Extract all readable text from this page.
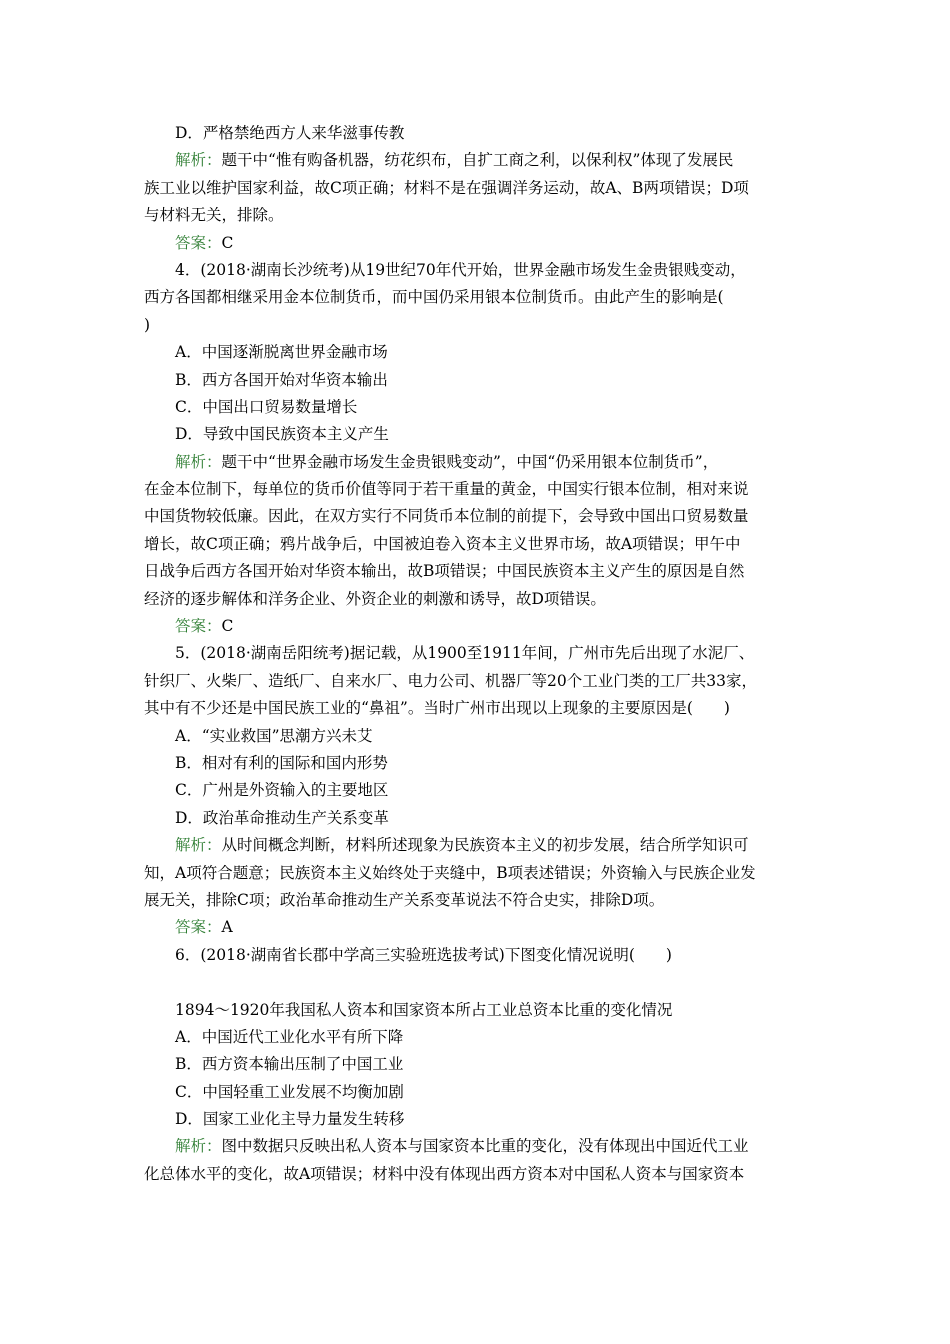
D．严格禁绝西方人来华滋事传教
解析：题干中“惟有购备机器，纺花织布，自扩工商之利，以保利权”体现了发展民
族工业以维护国家利益，故C项正确；材料不是在强调洋务运动，故A、B两项错误；D项
与材料无关，排除。
答案：C
4．(2018·湖南长沙统考)从19世纪70年代开始，世界金融市场发生金贵银贱变动，
西方各国都相继采用金本位制货币，而中国仍采用银本位制货币。由此产生的影响是(
)
A．中国逐渐脱离世界金融市场
B．西方各国开始对华资本输出
C．中国出口贸易数量增长
D．导致中国民族资本主义产生
解析：题干中“世界金融市场发生金贵银贱变动”，中国“仍采用银本位制货币”，
在金本位制下，每单位的货币价值等同于若干重量的黄金，中国实行银本位制，相对来说
中国货物较低廉。因此，在双方实行不同货币本位制的前提下，会导致中国出口贸易数量
增长，故C项正确；鸦片战争后，中国被迫卷入资本主义世界市场，故A项错误；甲午中
日战争后西方各国开始对华资本输出，故B项错误；中国民族资本主义产生的原因是自然
经济的逐步解体和洋务企业、外资企业的刺激和诱导，故D项错误。
答案：C
5．(2018·湖南岳阳统考)据记载，从1900至1911年间，广州市先后出现了水泥厂、
针织厂、火柴厂、造纸厂、自来水厂、电力公司、机器厂等20个工业门类的工厂共33家，
其中有不少还是中国民族工业的“鼻祖”。当时广州市出现以上现象的主要原因是(　　)
A．“实业救国”思潮方兴未艾
B．相对有利的国际和国内形势
C．广州是外资输入的主要地区
D．政治革命推动生产关系变革
解析：从时间概念判断，材料所述现象为民族资本主义的初步发展，结合所学知识可
知，A项符合题意；民族资本主义始终处于夹缝中，B项表述错误；外资输入与民族企业发
展无关，排除C项；政治革命推动生产关系变革说法不符合史实，排除D项。
答案：A
6．(2018·湖南省长郡中学高三实验班选拔考试)下图变化情况说明(　　)
1894～1920年我国私人资本和国家资本所占工业总资本比重的变化情况
A．中国近代工业化水平有所下降
B．西方资本输出压制了中国工业
C．中国轻重工业发展不均衡加剧
D．国家工业化主导力量发生转移
解析：图中数据只反映出私人资本与国家资本比重的变化，没有体现出中国近代工业
化总体水平的变化，故A项错误；材料中没有体现出西方资本对中国私人资本与国家资本
